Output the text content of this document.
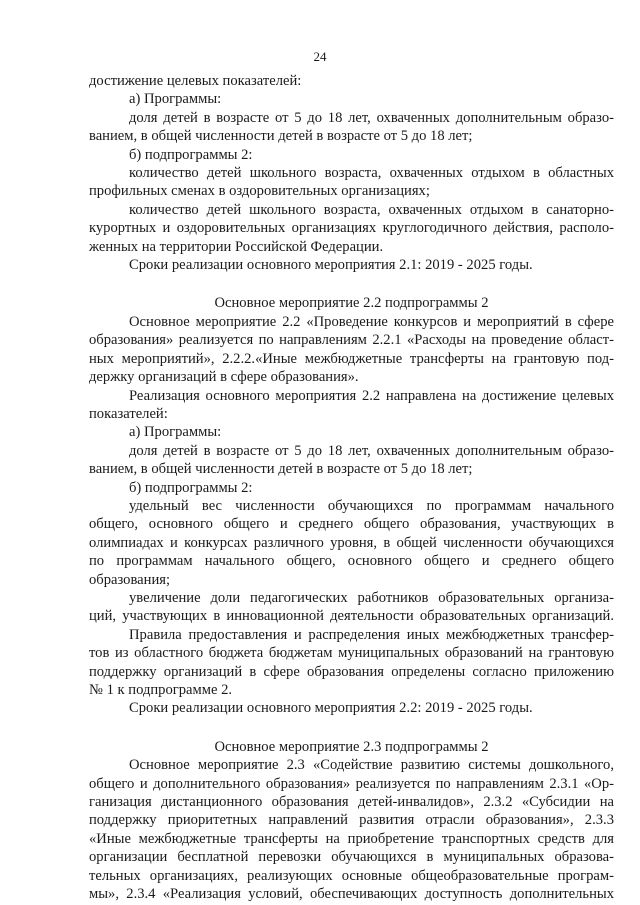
24
достижение целевых показателей:
а) Программы:
доля детей в возрасте от 5 до 18 лет, охваченных дополнительным образо-
ванием, в общей численности детей в возрасте от 5 до 18 лет;
б) подпрограммы 2:
количество детей школьного возраста, охваченных отдыхом в областных
профильных сменах в оздоровительных организациях;
количество детей школьного возраста, охваченных отдыхом в санаторно-
курортных и оздоровительных организациях круглогодичного действия, располо-
женных на территории Российской Федерации.
Сроки реализации основного мероприятия 2.1: 2019 - 2025 годы.
Основное мероприятие 2.2 подпрограммы 2
Основное мероприятие 2.2 «Проведение конкурсов и мероприятий в сфере
образования» реализуется по направлениям 2.2.1 «Расходы на проведение област-
ных мероприятий», 2.2.2.«Иные межбюджетные трансферты на грантовую под-
держку организаций в сфере образования».
Реализация основного мероприятия 2.2 направлена на достижение целевых
показателей:
а) Программы:
доля детей в возрасте от 5 до 18 лет, охваченных дополнительным образо-
ванием, в общей численности детей в возрасте от 5 до 18 лет;
б) подпрограммы 2:
удельный вес численности обучающихся по программам начального
общего, основного общего и среднего общего образования, участвующих в
олимпиадах и конкурсах различного уровня, в общей численности обучающихся
по программам начального общего, основного общего и среднего общего
образования;
увеличение доли педагогических работников образовательных организа-
ций, участвующих в инновационной деятельности образовательных организаций.
Правила предоставления и распределения иных межбюджетных трансфер-
тов из областного бюджета бюджетам муниципальных образований на грантовую
поддержку организаций в сфере образования определены согласно приложению
№ 1 к подпрограмме 2.
Сроки реализации основного мероприятия 2.2: 2019 - 2025 годы.
Основное мероприятие 2.3 подпрограммы 2
Основное мероприятие 2.3 «Содействие развитию системы дошкольного,
общего и дополнительного образования» реализуется по направлениям 2.3.1 «Ор-
ганизация дистанционного образования детей-инвалидов», 2.3.2 «Субсидии на
поддержку приоритетных направлений развития отрасли образования», 2.3.3
«Иные межбюджетные трансферты на приобретение транспортных средств для
организации бесплатной перевозки обучающихся в муниципальных образова-
тельных организациях, реализующих основные общеобразовательные програм-
мы», 2.3.4 «Реализация условий, обеспечивающих доступность дополнительных
